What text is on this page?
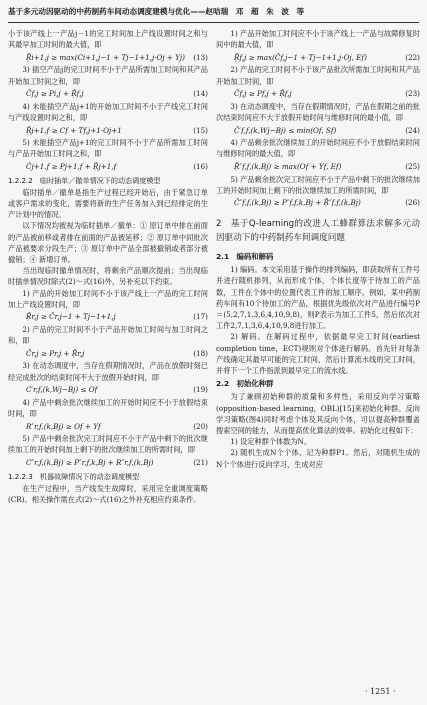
基于多元动因驱动的中药制药车间动态调度建模与优化——赵咭瑞　邓　超　朱　波　等

小于该产线上一产品j－1的完工时间加上产线设置时间之和与其最早加工时间的最大值，即

Ṝi+1,j ≥ max(Ci+1,j−1 + Tj−1+1,j·Oj + Yj) (13)

3) 插空产品j的完工时间不小于产品所需加工时间和其产品开始加工时间之和，即

Ĉf,j ≥ Pi,j + Ṝf,j	(14)

4) 未能插空产品j+1的开始加工时间不小于产线完工时间与产线设置时间之和，即

Ṝj+1,f ≥ Cf + Tf,j+1·Oj+1	(15)

5) 未能插空产品j+1的完工时间不小于产品所需加工时间与产品开始加工时间之和，即

Ĉj+1,f ≥ Pj+1,f + Ṝj+1,f	(16)
1.2.2.2　临时插单／撤单情况下的动态调度模型

临时插单／撤单是指生产过程已经开始后，由于紧急订单或客户需求的变化，需要将新的生产任务加入到已经排定的生产计划中的情况。

以下情况均被视为临时插单／撤单：① 原订单中排在前面的产品被前移或者排在前面的产品被延移；② 原订单中同批次产品被要求分段生产；③ 原订单中产品全部被撤销或者部分被撤销；④ 新增订单。

当出现临时撤单情况时，将剩余产品顺次提前；当出现临时插单情况时除式(2)～式(16)外，另补充以下约束。

1) 产品的开始加工时间不小于该产线上一产品的完工时间加上产线设置时间，即

Ṝr,j ≥ Ĉr,j−1 + Tj−1+1,j	(17)

2) 产品的完工时间不小于产品开始加工时间与加工时间之和，即

Ĉr,j ≥ Pr,j + Ṝr,j	(18)

3) 在动态调度中，当存在假期情况时，产品在放假时刻已经完成批次的结束时间不大于放假开始时间，即

C′r,f,(k,Wj−Bj) ≤ Of	(19)

4) 产品中剩余批次继续加工的开始时间应不小于放假结束时间，即

R″r,f,(k,Bj) ≥ Of + Yf	(20)

5) 产品中剩余批次完工时间应不小于产品中剩下的批次继续加工的开始时间加上剩下的批次继续加工的所需时间，即

C″r,f,(k,Bj) ≥ P″r,f,k,Bj + R″r,f,(k,Bj)	(21)
1.2.2.3　机器故障情况下的动态调度模型

在生产过程中，当产线发生故障时，采用完全重调度策略(CR)。相关操作需在式(2)～式(16)之外补充相应约束条件。

1) 产品开始加工时间应不小于该产线上一产品与故障修复时间中的最大值，即

Ṝf,j ≥ max(Ĉf,j−1 + Tj−1+1,j·Oj, Ef)	(22)

2) 产品的完工时间不小于该产品批次所需加工时间和其产品开始加工时间，即

Ĉf,j ≥ Pf,j + Ṝf,j	(23)

3) 在动态调度中，当存在假期情况时，产品在假期之前的批次结束时间应不大于放假开始时间与维修时间的最小值，即

Ĉ′f,f,(k,Wj−Bj) ≤ min(Of, Sf)	(24)

4) 产品剩余批次继续加工的开始时间应不小于放假结束时间与维修时间的最大值，即

Ṝ″f,f,(k,Bj) ≥ max(Of + Yf, Ef)	(25)

5) 产品剩余批次完工时间应不小于产品中剩下的批次继续加工的开始时间加上剩下的批次继续加工的所需时间，即

Ĉ″f,f,(k,Bj) ≥ P″f,f,k,Bj + Ṝ″f,f,(k,Bj)	(26)
2　基于Q-learning的改进人工蜂群算法求解多元动因驱动下的中药制药车间调度问题
2.1　编码和解码

1) 编码。本文采用基于操作的排列编码，即获取所有工件号并进行随机排列，从而形成个体，个体长度等于待加工的产品数，工件在个体中的位置代表工件的加工顺序。例如，某中药制药车间有10个待加工的产品，根据优先级依次对产品进行编号P＝(5,2,7,1,3,6,4,10,9,8)，则P表示为加工工件5，然后依次对工件2,7,1,3,6,4,10,9,8进行加工。

2) 解码。在解码过程中，依据最早完工时间(earliest completion time，ECT)规则对个体进行解码。首先针对每条产线确定其最早可能的完工时间，然后计算流水线的完工时间，并将下一个工件指派到最早完工的流水线。

2.2　初始化种群

为了兼顾初始种群的质量和多样性，采用反向学习策略(opposition-based learning，OBL)[15]来初始化种群。反向学习策略(图4)同时考虑个体及其反向个体，可以提高种群覆盖搜索空间的能力，从而提高优化算法的效率。初始化过程如下：

1) 设定种群个体数为N。

2) 随机生成N个个体，记为种群P1。然后，对随机生成的N个个体进行反向学习，生成对应

· 1251 ·
